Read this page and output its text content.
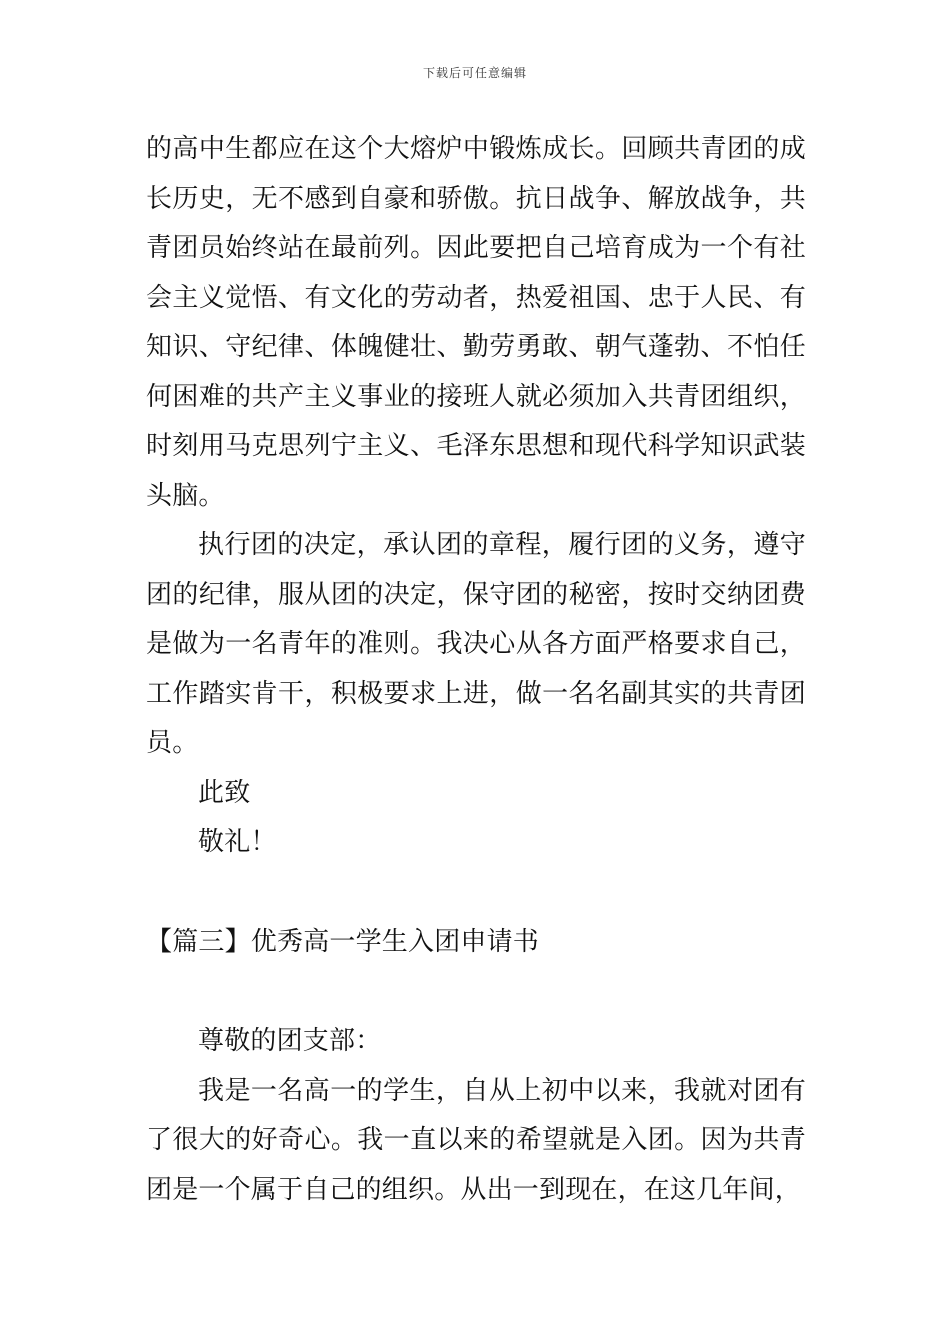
下载后可任意编辑

的高中生都应在这个大熔炉中锻炼成长。回顾共青团的成长历史，无不感到自豪和骄傲。抗日战争、解放战争，共青团员始终站在最前列。因此要把自己培育成为一个有社会主义觉悟、有文化的劳动者，热爱祖国、忠于人民、有知识、守纪律、体魄健壮、勤劳勇敢、朝气蓬勃、不怕任何困难的共产主义事业的接班人就必须加入共青团组织，时刻用马克思列宁主义、毛泽东思想和现代科学知识武装头脑。

执行团的决定，承认团的章程，履行团的义务，遵守团的纪律，服从团的决定，保守团的秘密，按时交纳团费是做为一名青年的准则。我决心从各方面严格要求自己，工作踏实肯干，积极要求上进，做一名名副其实的共青团员。

此致

敬礼！

【篇三】优秀高一学生入团申请书

尊敬的团支部：

我是一名高一的学生，自从上初中以来，我就对团有了很大的好奇心。我一直以来的希望就是入团。因为共青团是一个属于自己的组织。从出一到现在，在这几年间，
